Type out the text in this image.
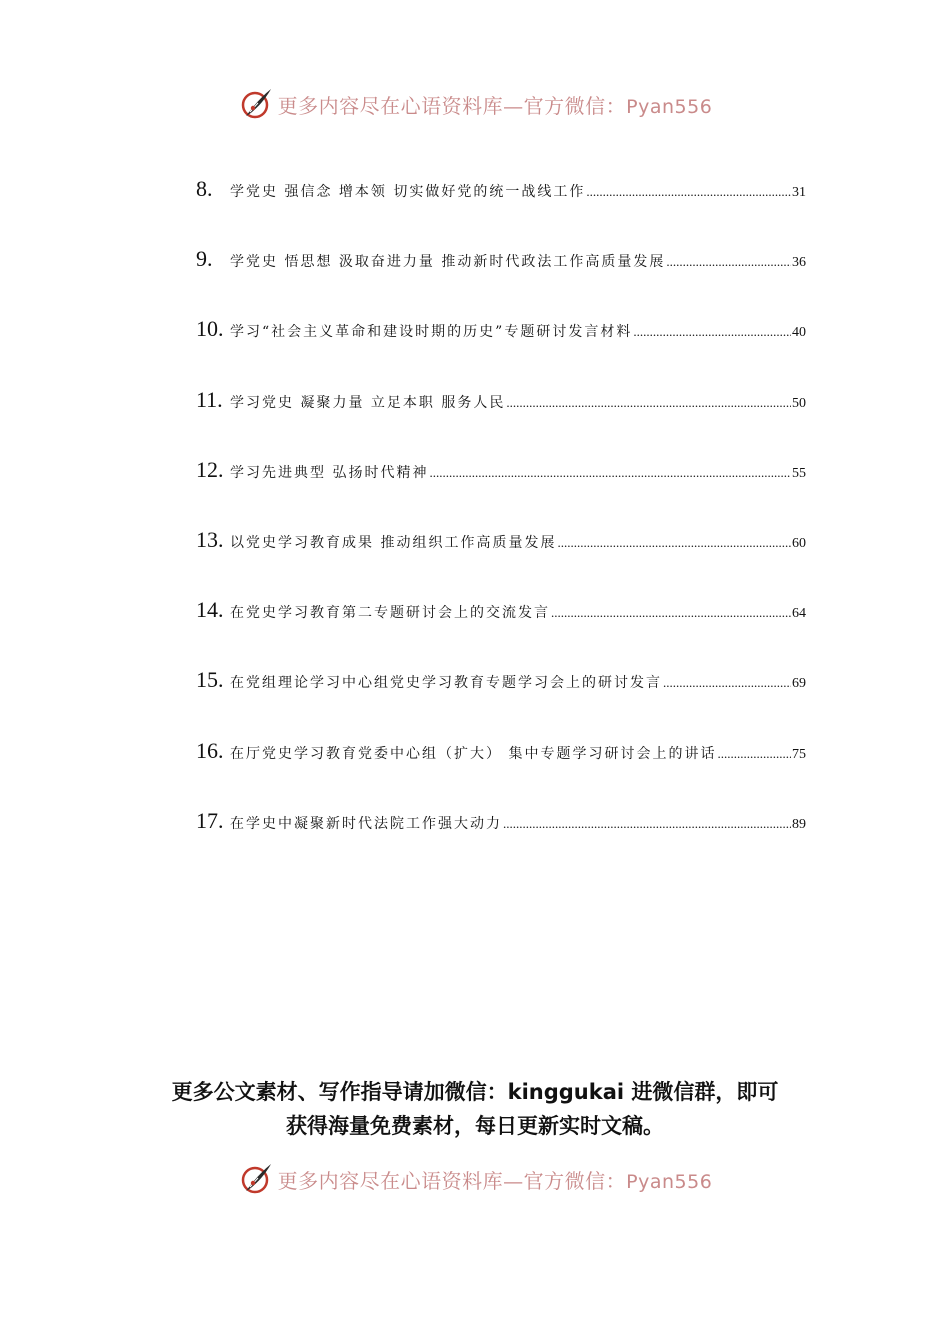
更多内容尽在心语资料库—官方微信：Pyan556
8.	学党史 强信念 增本领 切实做好党的统一战线工作 .....	31
9.	学党史 悟思想 汲取奋进力量 推动新时代政法工作高质量发展 .....	36
10. 学习“社会主义革命和建设时期的历史”专题研讨发言材料 .....	40
11. 学习党史 凝聚力量 立足本职 服务人民 .....	50
12. 学习先进典型 弘扬时代精神 .....	55
13. 以党史学习教育成果 推动组织工作高质量发展 .....	60
14. 在党史学习教育第二专题研讨会上的交流发言 .....	64
15. 在党组理论学习中心组党史学习教育专题学习会上的研讨发言 .....	69
16. 在厅党史学习教育党委中心组（扩大） 集中专题学习研讨会上的讲话 .....	75
17. 在学史中凝聚新时代法院工作强大动力 .....	89
更多公文素材、写作指导请加微信：kinggukai 进微信群，即可
获得海量免费素材，每日更新实时文稿。
更多内容尽在心语资料库—官方微信：Pyan556
